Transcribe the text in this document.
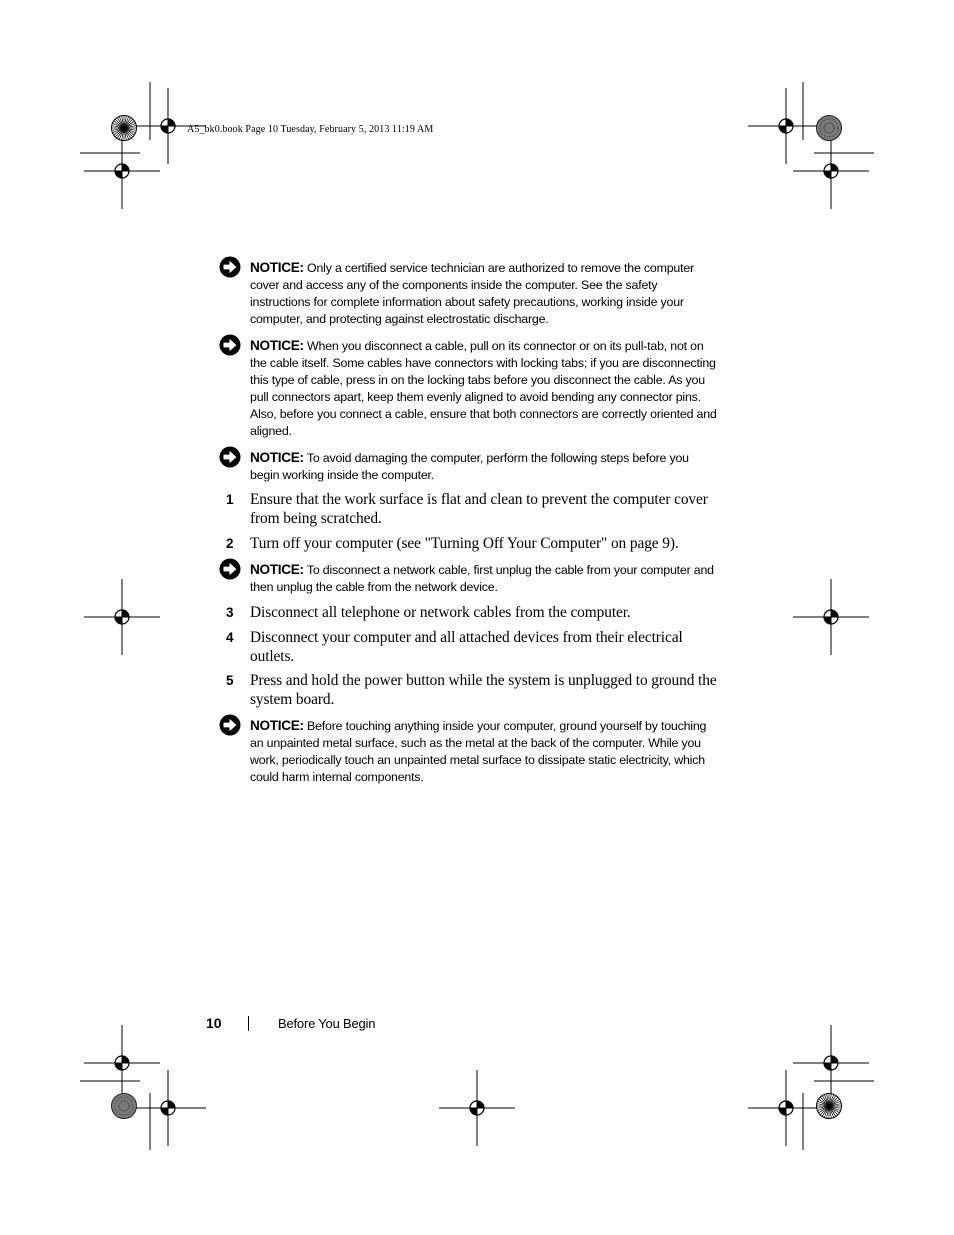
A5_bk0.book Page 10 Tuesday, February 5, 2013 11:19 AM
NOTICE: Only a certified service technician are authorized to remove the computer cover and access any of the components inside the computer. See the safety instructions for complete information about safety precautions, working inside your computer, and protecting against electrostatic discharge.
NOTICE: When you disconnect a cable, pull on its connector or on its pull-tab, not on the cable itself. Some cables have connectors with locking tabs; if you are disconnecting this type of cable, press in on the locking tabs before you disconnect the cable. As you pull connectors apart, keep them evenly aligned to avoid bending any connector pins. Also, before you connect a cable, ensure that both connectors are correctly oriented and aligned.
NOTICE: To avoid damaging the computer, perform the following steps before you begin working inside the computer.
1 Ensure that the work surface is flat and clean to prevent the computer cover from being scratched.
2 Turn off your computer (see "Turning Off Your Computer" on page 9).
NOTICE: To disconnect a network cable, first unplug the cable from your computer and then unplug the cable from the network device.
3 Disconnect all telephone or network cables from the computer.
4 Disconnect your computer and all attached devices from their electrical outlets.
5 Press and hold the power button while the system is unplugged to ground the system board.
NOTICE: Before touching anything inside your computer, ground yourself by touching an unpainted metal surface, such as the metal at the back of the computer. While you work, periodically touch an unpainted metal surface to dissipate static electricity, which could harm internal components.
10	Before You Begin
